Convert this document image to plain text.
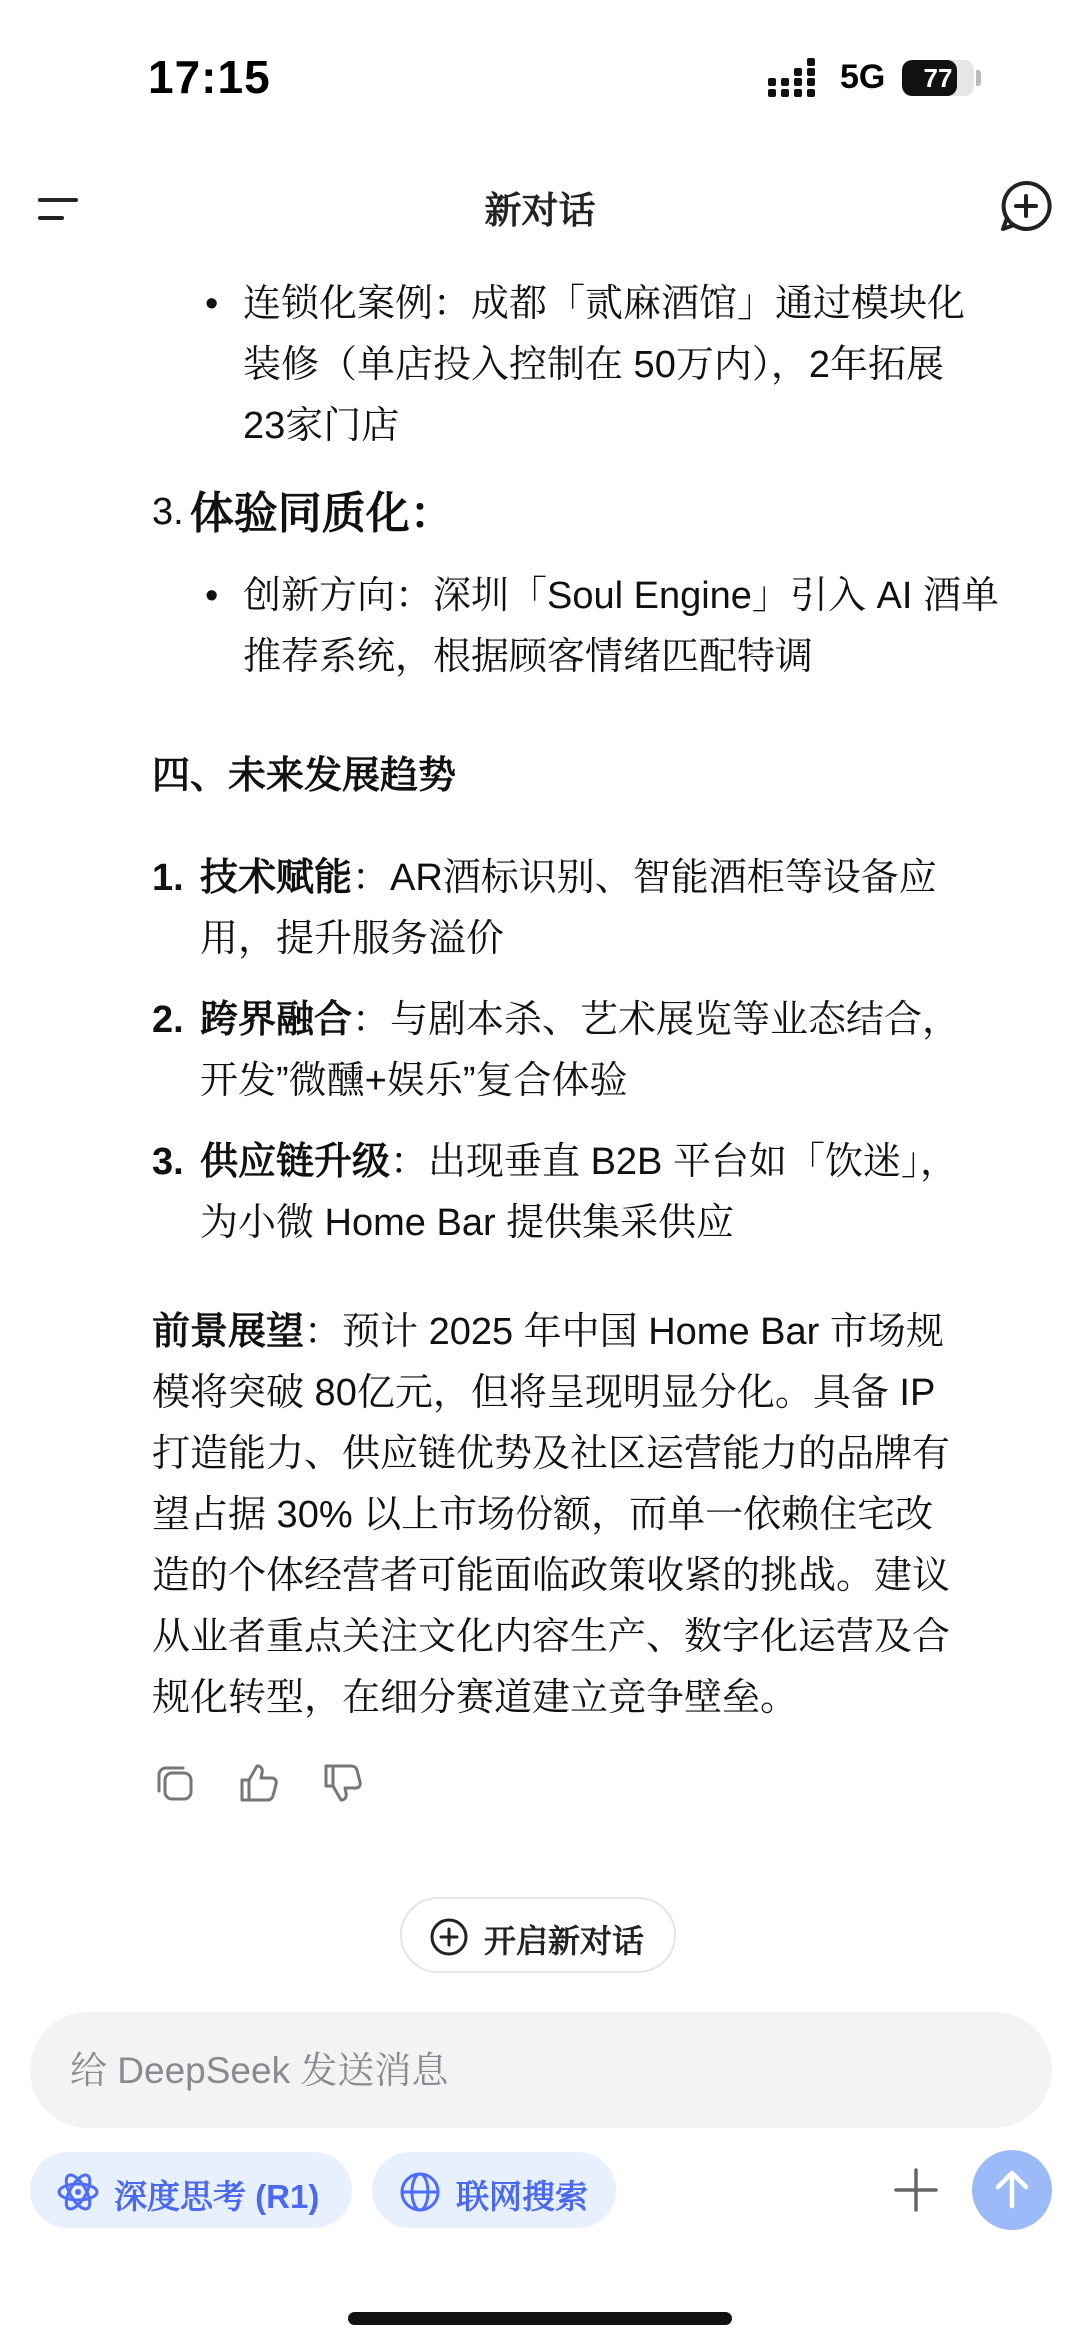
17:15	5G	77
新对话
• 连锁化案例：成都「贰麻酒馆」通过模块化
装修（单店投入控制在 50万内），2年拓展
23家门店
3. 体验同质化：
• 创新方向：深圳「Soul Engine」引入 AI 酒单
推荐系统，根据顾客情绪匹配特调
四、未来发展趋势
1. 技术赋能：AR酒标识别、智能酒柜等设备应
用，提升服务溢价
2. 跨界融合：与剧本杀、艺术展览等业态结合，
开发”微醺+娱乐”复合体验
3. 供应链升级：出现垂直 B2B 平台如「饮迷」，
为小微 Home Bar 提供集采供应
前景展望：预计 2025 年中国 Home Bar 市场规
模将突破 80亿元，但将呈现明显分化。具备 IP
打造能力、供应链优势及社区运营能力的品牌有
望占据 30% 以上市场份额，而单一依赖住宅改
造的个体经营者可能面临政策收紧的挑战。建议
从业者重点关注文化内容生产、数字化运营及合
规化转型，在细分赛道建立竞争壁垒。
开启新对话
给 DeepSeek 发送消息
深度思考 (R1)	联网搜索
